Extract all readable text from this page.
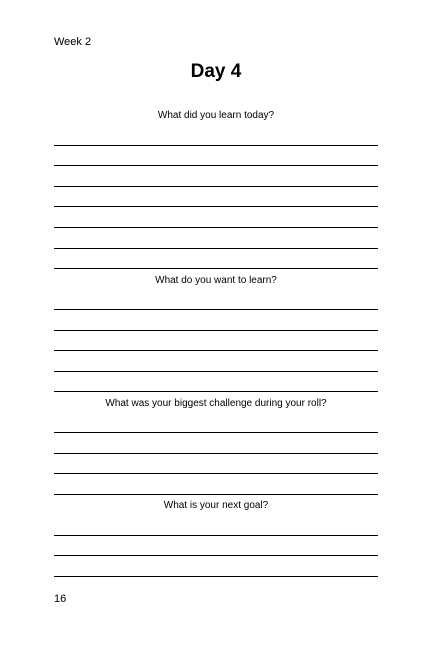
Week 2
Day 4
What did you learn today?
What do you want to learn?
What was your biggest challenge during your roll?
What is your next goal?
16
